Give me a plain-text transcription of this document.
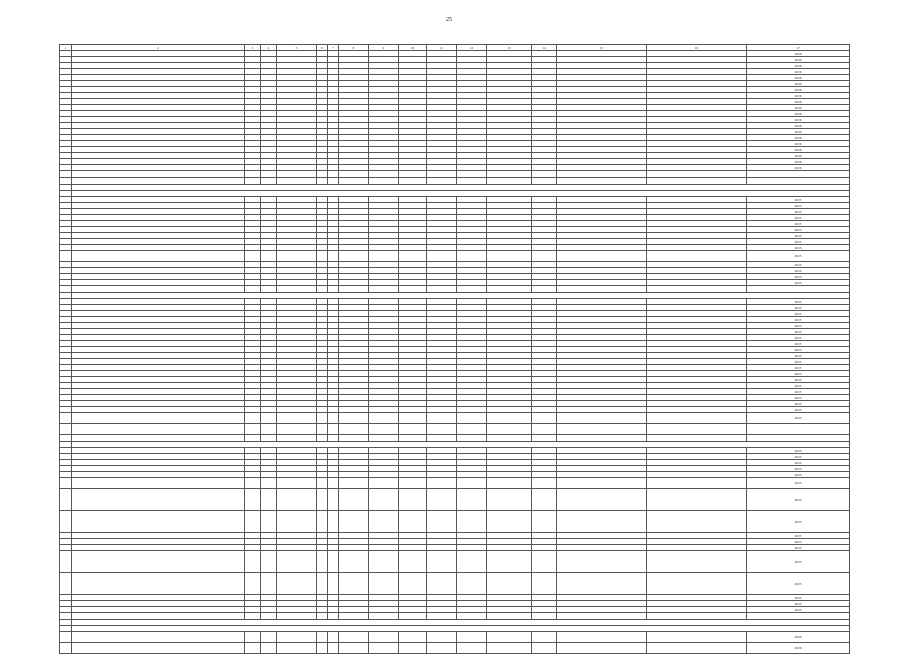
25
1	2	3	4	5	6	7	8	9	10	11	12	13	14	15	16	17
																2026
																2026
																2026
																2026
																2026
																2026
																2026
																2026
																2026
																2026
																2026
																2026
																2026
																2026
																2026
																2026
																2026
																2026
																2026
																2026

																2025
																2025
																2025
																2025
																2025
																2025
																2025
																2025
																2025
																2025
																2025
																2025
																2025
																2025

																2025
																2025
																2025
																2025
																2025
																2025
																2025
																2025
																2025
																2025
																2025
																2025
																2025
																2025
																2025
																2025
																2025
																2025
																2025
																2025

																2025
																2025
																2025
																2025
																2025
																2025
																2025
																2025
																2025
																2025
																2025
																2025
																2025
																2025
																2025
																2025

																2026
																2026
